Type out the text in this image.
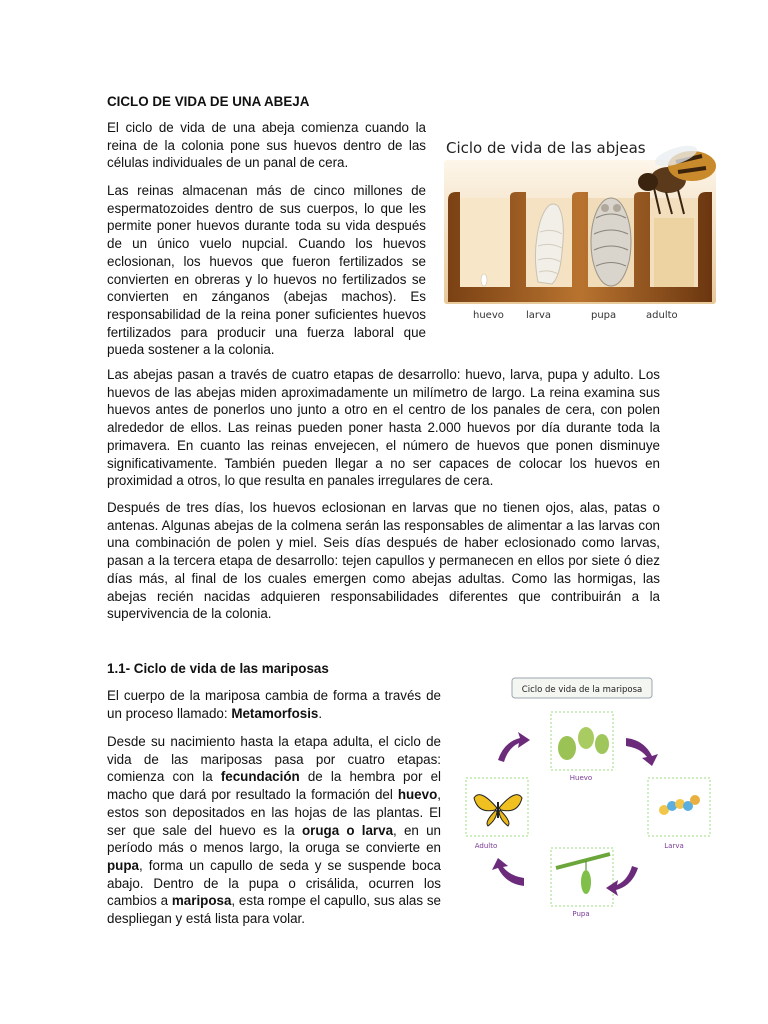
CICLO DE VIDA DE UNA ABEJA

El ciclo de vida de una abeja comienza cuando la reina de la colonia pone sus huevos dentro de las células individuales de un panal de cera.

Las reinas almacenan más de cinco millones de espermatozoides dentro de sus cuerpos, lo que les permite poner huevos durante toda su vida después de un único vuelo nupcial. Cuando los huevos eclosionan, los huevos que fueron fertilizados se convierten en obreras y lo huevos no fertilizados se convierten en zánganos (abejas machos). Es responsabilidad de la reina poner suficientes huevos fertilizados para producir una fuerza laboral que pueda sostener a la colonia.

Ciclo de vida de las abjeas
huevo larva	pupa	adulto

Las abejas pasan a través de cuatro etapas de desarrollo: huevo, larva, pupa y adulto. Los huevos de las abejas miden aproximadamente un milímetro de largo. La reina examina sus huevos antes de ponerlos uno junto a otro en el centro de los panales de cera, con polen alrededor de ellos. Las reinas pueden poner hasta 2.000 huevos por día durante toda la primavera. En cuanto las reinas envejecen, el número de huevos que ponen disminuye significativamente. También pueden llegar a no ser capaces de colocar los huevos en proximidad a otros, lo que resulta en panales irregulares de cera.

Después de tres días, los huevos eclosionan en larvas que no tienen ojos, alas, patas o antenas. Algunas abejas de la colmena serán las responsables de alimentar a las larvas con una combinación de polen y miel. Seis días después de haber eclosionado como larvas, pasan a la tercera etapa de desarrollo: tejen capullos y permanecen en ellos por siete ó diez días más, al final de los cuales emergen como abejas adultas. Como las hormigas, las abejas recién nacidas adquieren responsabilidades diferentes que contribuirán a la supervivencia de la colonia.

1.1- Ciclo de vida de las mariposas

El cuerpo de la mariposa cambia de forma a través de un proceso llamado: Metamorfosis.

Desde su nacimiento hasta la etapa adulta, el ciclo de vida de las mariposas pasa por cuatro etapas: comienza con la fecundación de la hembra por el macho que dará por resultado la formación del huevo, estos son depositados en las hojas de las plantas. El ser que sale del huevo es la oruga o larva, en un período más o menos largo, la oruga se convierte en pupa, forma un capullo de seda y se suspende boca abajo. Dentro de la pupa o crisálida, ocurren los cambios a mariposa, esta rompe el capullo, sus alas se despliegan y está lista para volar.

Ciclo de vida de la mariposa
Huevo
Larva
Pupa
Adulto
